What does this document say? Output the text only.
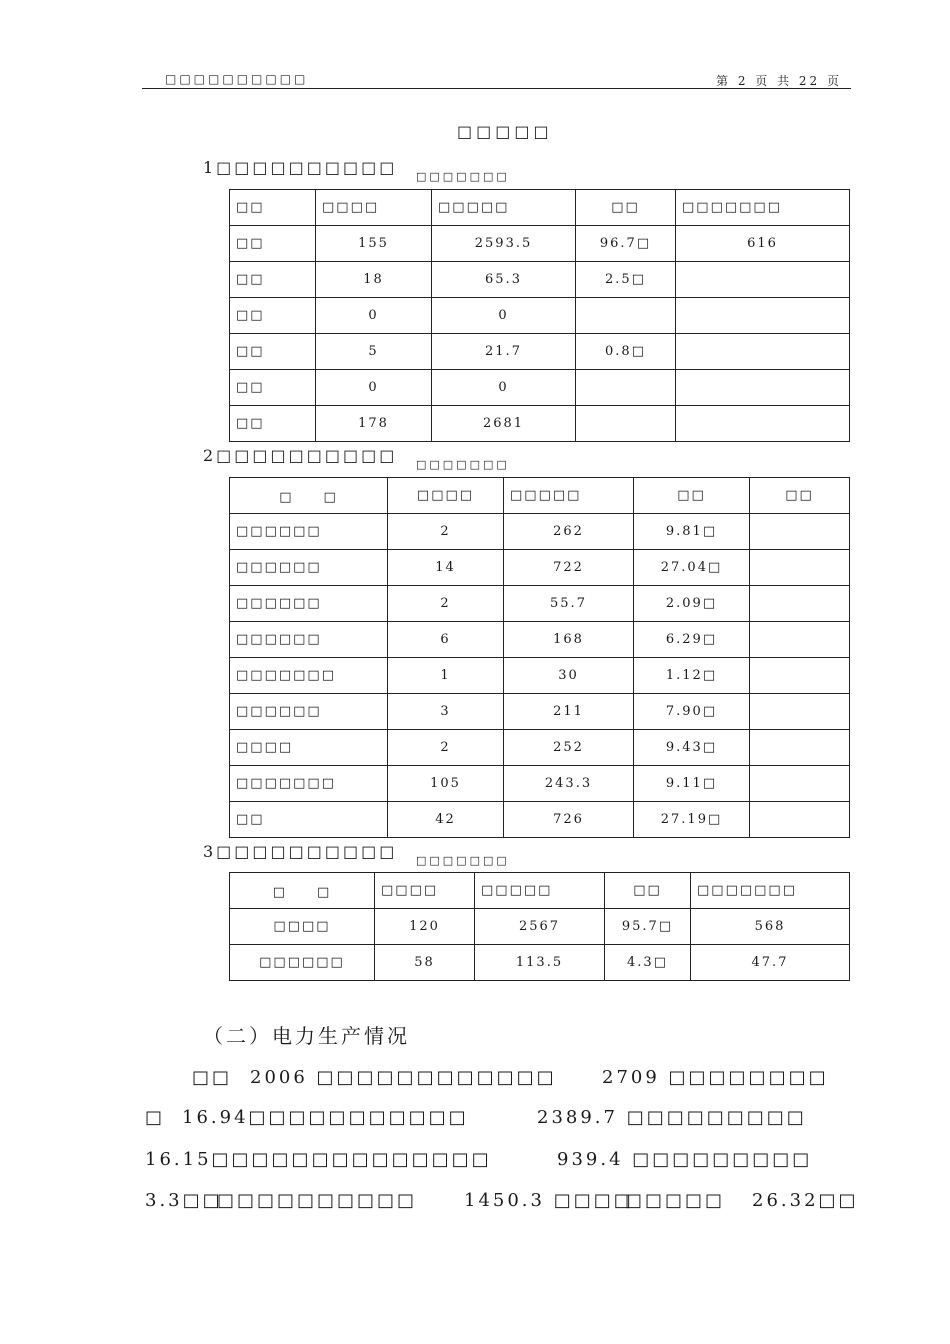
□□□□□□□□□□	第 2 页 共 22 页
□□□□□
1□□□□□□□□□□ □□□□□□□
□□	□□□□	□□□□□	□□	□□□□□□□
□□	155	2593.5	96.7□	616
□□	18	65.3	2.5□	
□□	0	0		
□□	5	21.7	0.8□	
□□	0	0		
□□	178	2681		
2□□□□□□□□□□ □□□□□□□
□　　□	□□□□	□□□□□	□□	□□
□□□□□□	2	262	9.81□	
□□□□□□	14	722	27.04□	
□□□□□□	2	55.7	2.09□	
□□□□□□	6	168	6.29□	
□□□□□□□	1	30	1.12□	
□□□□□□	3	211	7.90□	
□□□□	2	252	9.43□	
□□□□□□□	105	243.3	9.11□	
□□	42	726	27.19□	
3□□□□□□□□□□ □□□□□□□
□　　□	□□□□	□□□□□	□□	□□□□□□□
□□□□	120	2567	95.7□	568
□□□□□□	58	113.5	4.3□	47.7
（二）电力生产情况
□□ 2006 □□□□□□□□□□□□	2709 □□□□□□□□
□ 16.94□□□□□□□□□□□	2389.7 □□□□□□□□□
16.15□□□□□□□□□□□□□□	939.4 □□□□□□□□□
3.3□□
□□□□□□□□□□	1450.3 □□□□
□□□□□ 26.32□□
